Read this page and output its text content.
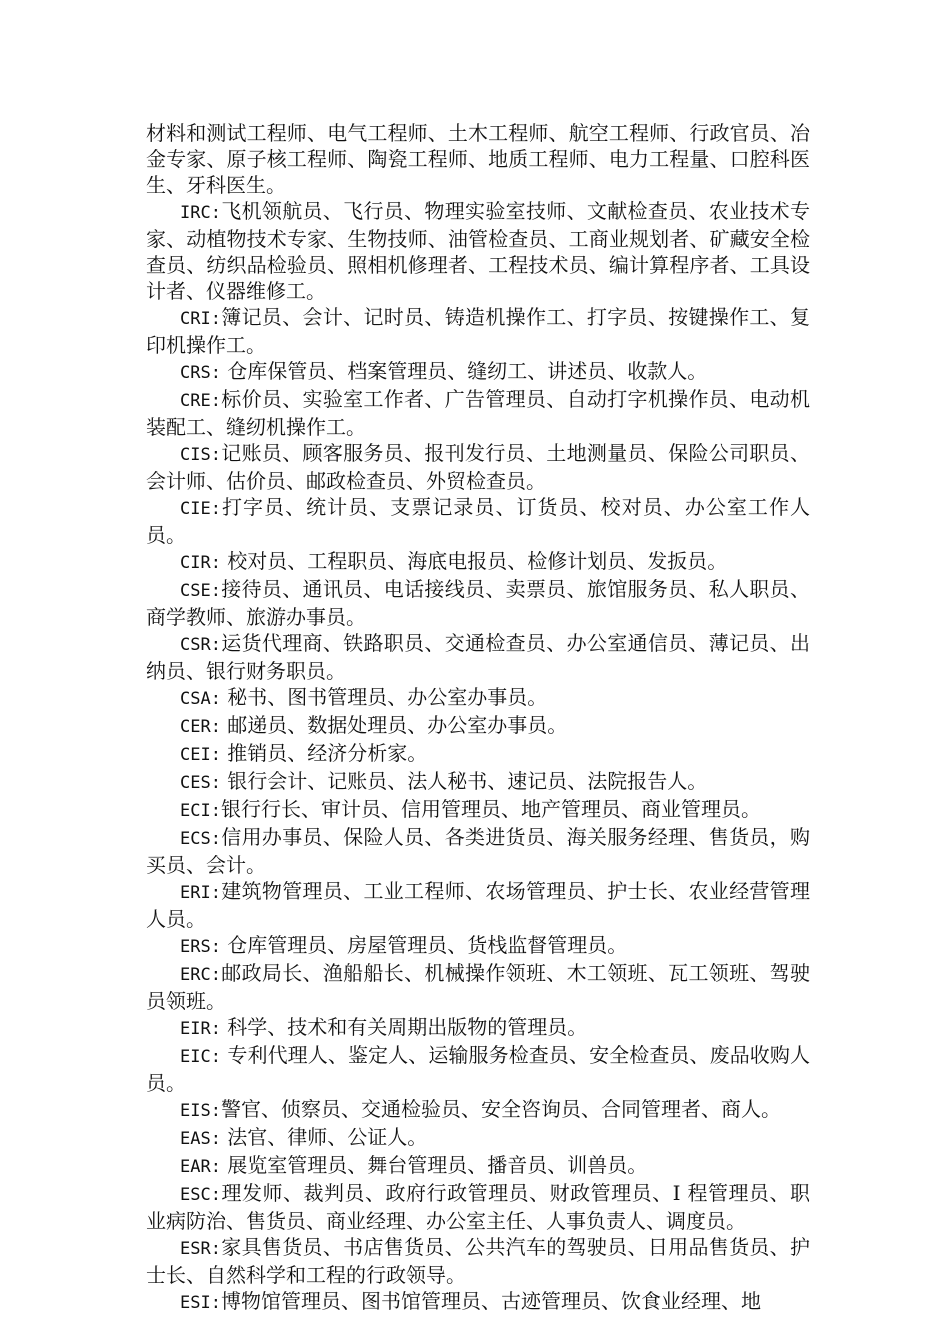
材料和测试工程师、电气工程师、土木工程师、航空工程师、行政官员、冶金专家、原子核工程师、陶瓷工程师、地质工程师、电力工程量、口腔科医生、牙科医生。

IRC:飞机领航员、飞行员、物理实验室技师、文献检查员、农业技术专家、动植物技术专家、生物技师、油管检查员、工商业规划者、矿藏安全检查员、纺织品检验员、照相机修理者、工程技术员、编计算程序者、工具设计者、仪器维修工。

CRI:簿记员、会计、记时员、铸造机操作工、打字员、按键操作工、复印机操作工。

CRS: 仓库保管员、档案管理员、缝纫工、讲述员、收款人。

CRE:标价员、实验室工作者、广告管理员、自动打字机操作员、电动机装配工、缝纫机操作工。

CIS:记账员、顾客服务员、报刊发行员、土地测量员、保险公司职员、会计师、估价员、邮政检查员、外贸检查员。

CIE:打字员、统计员、支票记录员、订货员、校对员、办公室工作人员。

CIR: 校对员、工程职员、海底电报员、检修计划员、发扳员。

CSE:接待员、通讯员、电话接线员、卖票员、旅馆服务员、私人职员、商学教师、旅游办事员。

CSR:运货代理商、铁路职员、交通检查员、办公室通信员、薄记员、出纳员、银行财务职员。

CSA: 秘书、图书管理员、办公室办事员。

CER: 邮递员、数据处理员、办公室办事员。

CEI: 推销员、经济分析家。

CES: 银行会计、记账员、法人秘书、速记员、法院报告人。

ECI:银行行长、审计员、信用管理员、地产管理员、商业管理员。

ECS:信用办事员、保险人员、各类进货员、海关服务经理、售货员，购买员、会计。

ERI:建筑物管理员、工业工程师、农场管理员、护士长、农业经营管理人员。

ERS: 仓库管理员、房屋管理员、货栈监督管理员。

ERC:邮政局长、渔船船长、机械操作领班、木工领班、瓦工领班、驾驶员领班。

EIR: 科学、技术和有关周期出版物的管理员。

EIC: 专利代理人、鉴定人、运输服务检查员、安全检查员、废品收购人员。

EIS:警官、侦察员、交通检验员、安全咨询员、合同管理者、商人。

EAS: 法官、律师、公证人。

EAR: 展览室管理员、舞台管理员、播音员、训兽员。

ESC:理发师、裁判员、政府行政管理员、财政管理员、I 程管理员、职业病防治、售货员、商业经理、办公室主任、人事负责人、调度员。

ESR:家具售货员、书店售货员、公共汽车的驾驶员、日用品售货员、护士长、自然科学和工程的行政领导。

ESI:博物馆管理员、图书馆管理员、古迹管理员、饮食业经理、地
